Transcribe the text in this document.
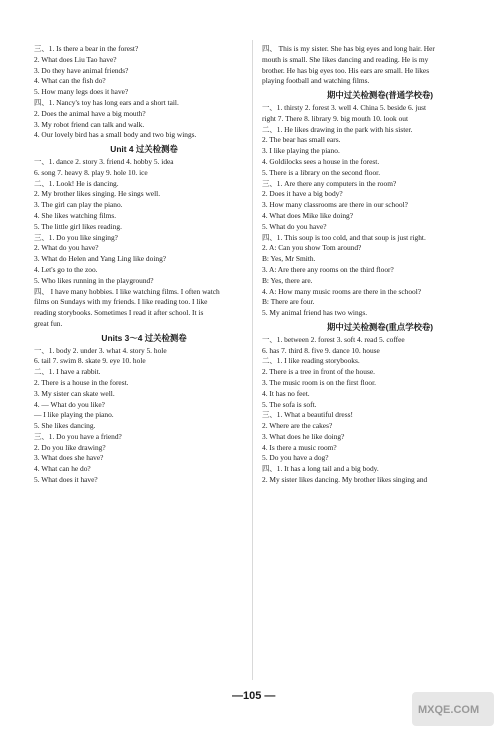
三、1. Is there a bear in the forest?
2. What does Liu Tao have?
3. Do they have animal friends?
4. What can the fish do?
5. How many legs does it have?
四、1. Nancy's toy has long ears and a short tail.
2. Does the animal have a big mouth?
3. My robot friend can talk and walk.
4. Our lovely bird has a small body and two big wings.
Unit 4 过关检测卷
一、1. dance 2. story 3. friend 4. hobby 5. idea
6. song 7. heavy 8. play 9. hole 10. ice
二、1. Look! He is dancing.
2. My brother likes singing. He sings well.
3. The girl can play the piano.
4. She likes watching films.
5. The little girl likes reading.
三、1. Do you like singing?
2. What do you have?
3. What do Helen and Yang Ling like doing?
4. Let's go to the zoo.
5. Who likes running in the playground?
四、 I have many hobbies. I like watching films. I often watch
films on Sundays with my friends. I like reading too. I like
reading storybooks. Sometimes I read it after school. It is
great fun.
Units 3～4 过关检测卷
一、1. body 2. under 3. what 4. story 5. hole
6. tail 7. swim 8. skate 9. eye 10. hole
二、1. I have a rabbit.
2. There is a house in the forest.
3. My sister can skate well.
4. — What do you like?
— I like playing the piano.
5. She likes dancing.
三、1. Do you have a friend?
2. Do you like drawing?
3. What does she have?
4. What can he do?
5. What does it have?
四、 This is my sister. She has big eyes and long hair. Her
mouth is small. She likes dancing and reading. He is my
brother. He has big eyes too. His ears are small. He likes
playing football and watching films.
期中过关检测卷(普通学校卷)
一、1. thirsty 2. forest 3. well 4. China 5. beside 6. just
right 7. There 8. library 9. big mouth 10. look out
二、1. He likes drawing in the park with his sister.
2. The bear has small ears.
3. I like playing the piano.
4. Goldilocks sees a house in the forest.
5. There is a library on the second floor.
三、1. Are there any computers in the room?
2. Does it have a big body?
3. How many classrooms are there in our school?
4. What does Mike like doing?
5. What do you have?
四、1. This soup is too cold, and that soup is just right.
2. A: Can you show Tom around?
B: Yes, Mr Smith.
3. A: Are there any rooms on the third floor?
B: Yes, there are.
4. A: How many music rooms are there in the school?
B: There are four.
5. My animal friend has two wings.
期中过关检测卷(重点学校卷)
一、1. between 2. forest 3. soft 4. read 5. coffee
6. has 7. third 8. five 9. dance 10. house
二、1. I like reading storybooks.
2. There is a tree in front of the house.
3. The music room is on the first floor.
4. It has no feet.
5. The sofa is soft.
三、1. What a beautiful dress!
2. Where are the cakes?
3. What does he like doing?
4. Is there a music room?
5. Do you have a dog?
四、1. It has a long tail and a big body.
2. My sister likes dancing. My brother likes singing and
—105 —
MXQE.COM
